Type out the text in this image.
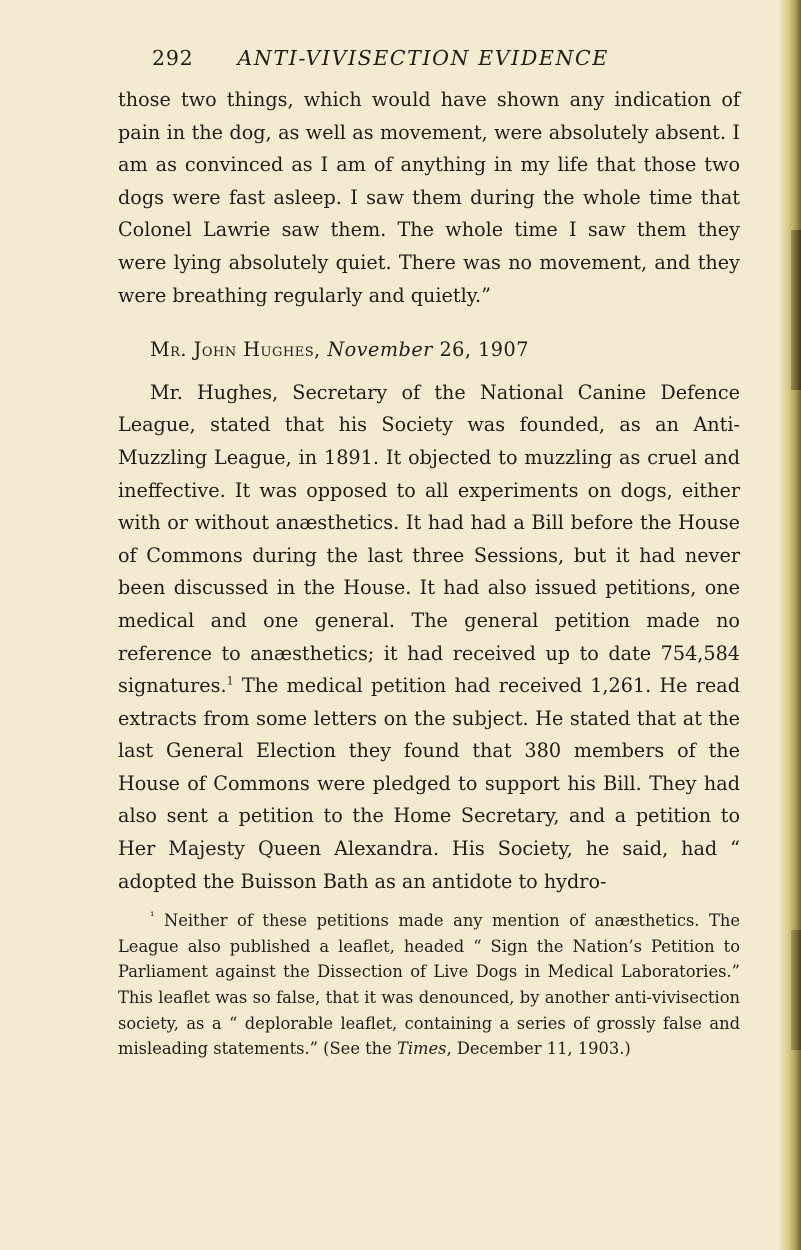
292 ANTI-VIVISECTION EVIDENCE

those two things, which would have shown any indication of pain in the dog, as well as movement, were absolutely absent. I am as convinced as I am of anything in my life that those two dogs were fast asleep. I saw them during the whole time that Colonel Lawrie saw them. The whole time I saw them they were lying absolutely quiet. There was no movement, and they were breathing regularly and quietly.”

Mr. John Hughes, November 26, 1907

Mr. Hughes, Secretary of the National Canine Defence League, stated that his Society was founded, as an Anti-Muzzling League, in 1891. It objected to muzzling as cruel and ineffective. It was opposed to all experiments on dogs, either with or without anæsthetics. It had had a Bill before the House of Commons during the last three Sessions, but it had never been discussed in the House. It had also issued petitions, one medical and one general. The general petition made no reference to anæsthetics; it had received up to date 754,584 signatures.$^1$ The medical petition had received 1,261. He read extracts from some letters on the subject. He stated that at the last General Election they found that 380 members of the House of Commons were pledged to support his Bill. They had also sent a petition to the Home Secretary, and a petition to Her Majesty Queen Alexandra. His Society, he said, had “ adopted the Buisson Bath as an antidote to hydro-

$^{^1}$ Neither of these petitions made any mention of anæsthetics. The League also published a leaflet, headed “ Sign the Nation’s Petition to Parliament against the Dissection of Live Dogs in Medical Laboratories.” This leaflet was so false, that it was denounced, by another anti-vivisection society, as a “ deplorable leaflet, containing a series of grossly false and misleading statements.” (See the Times, December 11, 1903.)
